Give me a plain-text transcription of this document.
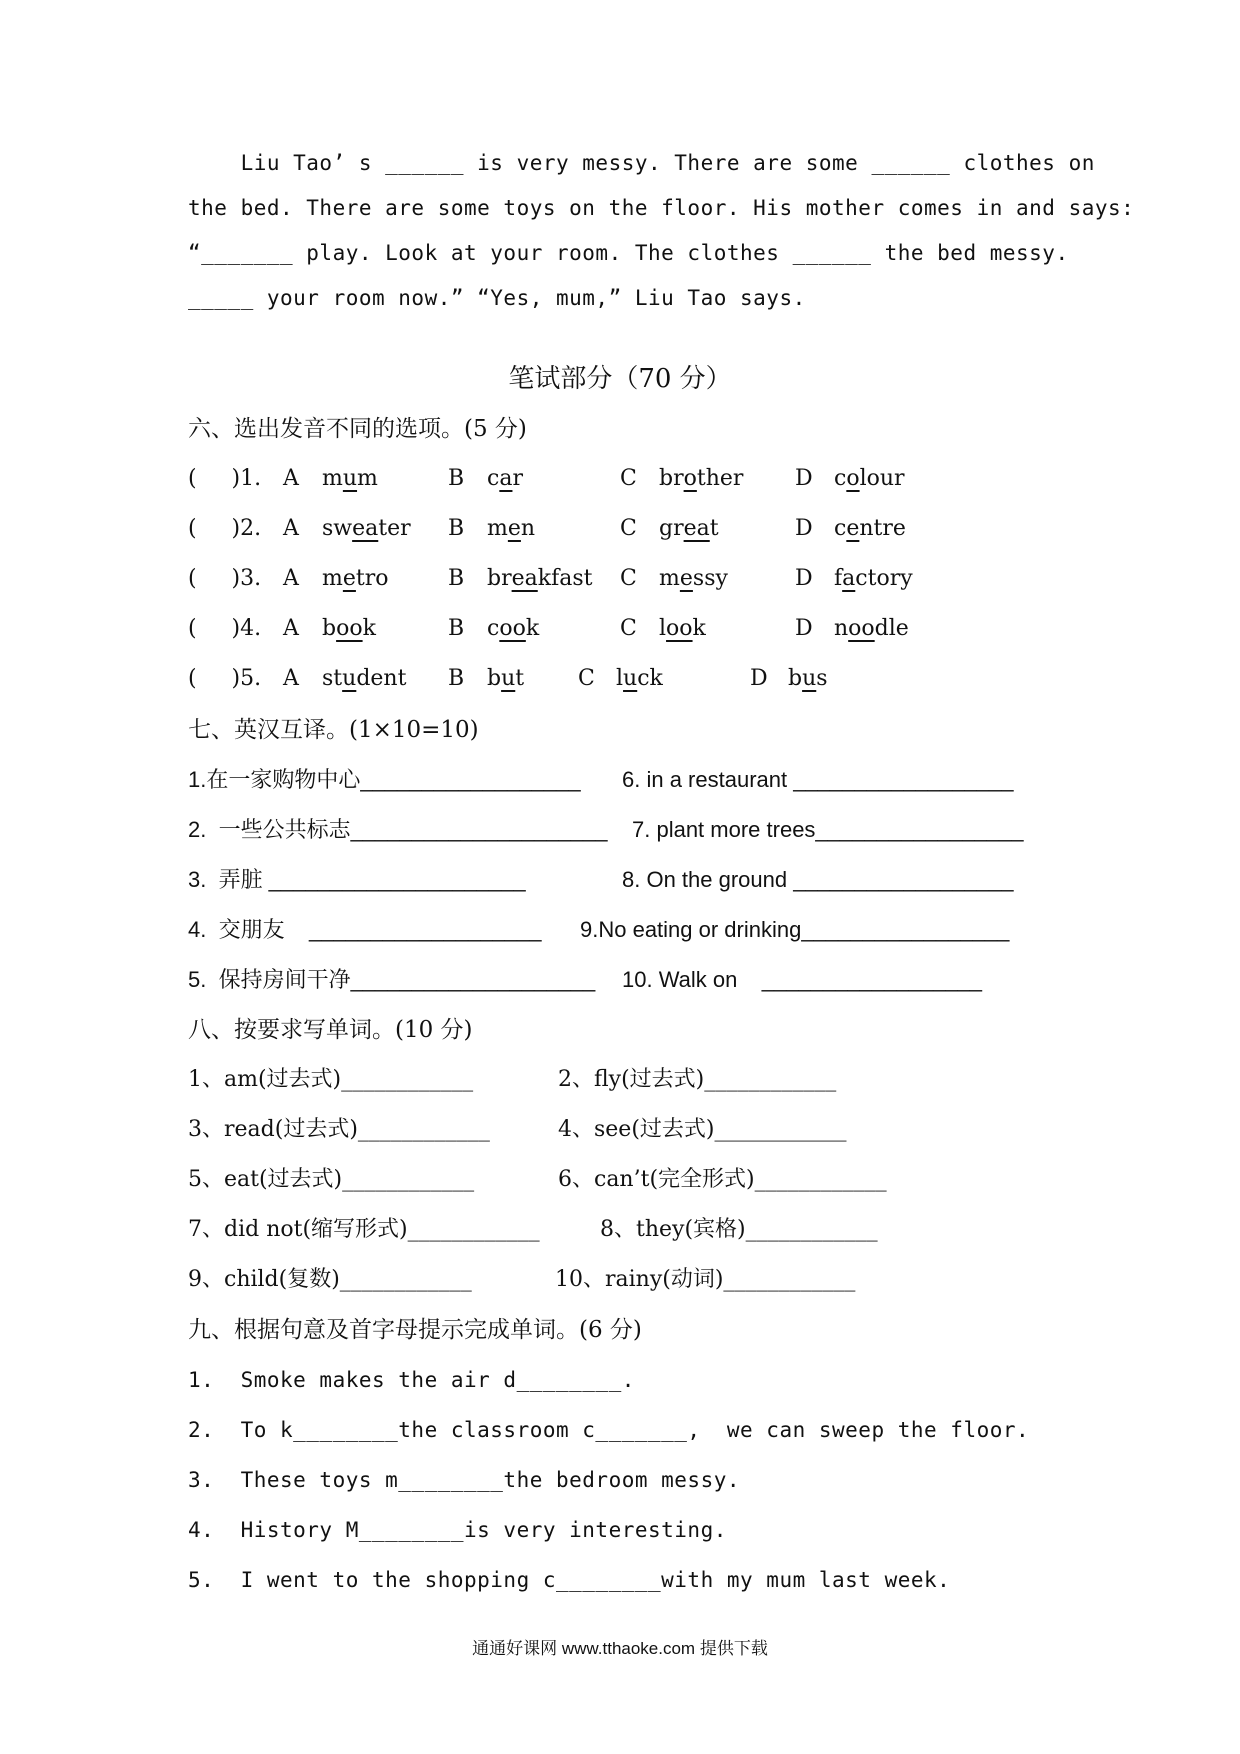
Liu Tao’ s ______ is very messy. There are some ______ clothes on
the bed. There are some toys on the floor. His mother comes in and says:
“_______ play. Look at your room. The clothes ______ the bed messy.
_____ your room now.” “Yes, mum,” Liu Tao says.
笔试部分（70 分）
六、选出发音不同的选项。(5 分)
(     )1. A mum	B car	C brother D colour
(     )2. A sweater B men	C great	D centre
(     )3. A metro	B breakfast C messy	D factory
(     )4. A book	B cook	C look	D noodle
(     )5. A student B but C luck	D bus
七、英汉互译。(1×10=10)
1.在一家购物中心__________________ 6. in a restaurant __________________
2.  一些公共标志_____________________ 7. plant more trees_________________
3.  弄脏 _____________________	8. On the ground __________________
4.  交朋友    ___________________ 9.No eating or drinking_________________
5.  保持房间干净____________________ 10. Walk on    __________________
八、按要求写单词。(10 分)
1、am(过去式)____________	2、fly(过去式)____________
3、read(过去式)____________	4、see(过去式)____________
5、eat(过去式)____________	6、can’t(完全形式)____________
7、did not(缩写形式)____________	8、they(宾格)____________
9、child(复数)____________	10、rainy(动词)____________
九、根据句意及首字母提示完成单词。(6 分)
1.  Smoke makes the air d________.
2.  To k________the classroom c_______,  we can sweep the floor.
3.  These toys m________the bedroom messy.
4.  History M________is very interesting.
5.  I went to the shopping c________with my mum last week.
通通好课网 www.tthaoke.com 提供下载
